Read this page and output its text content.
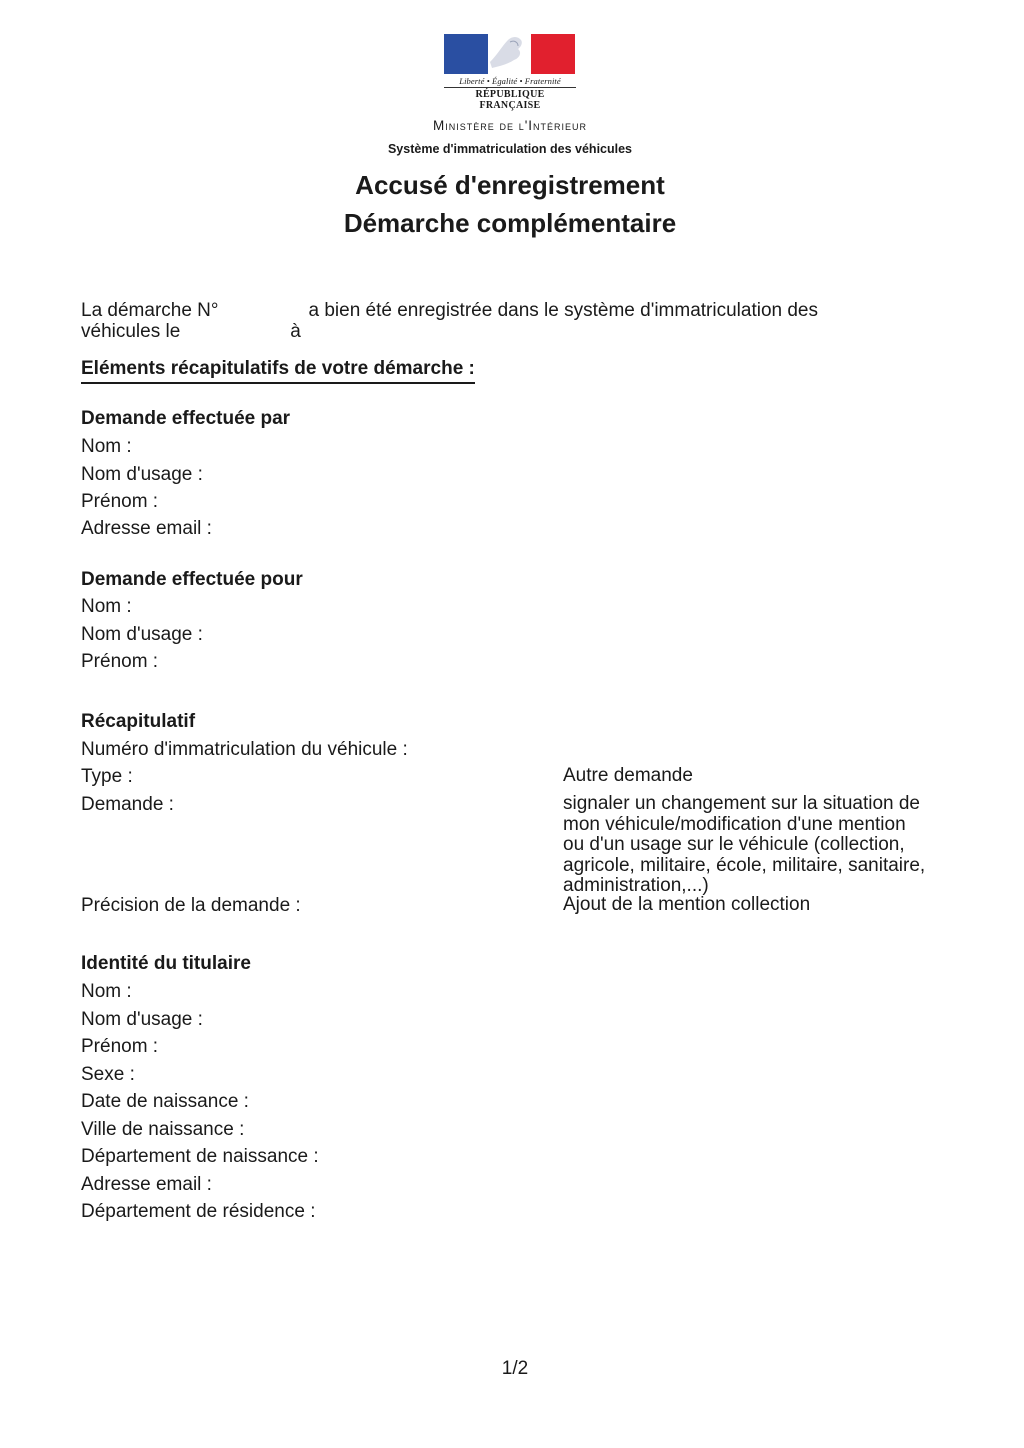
Liberté • Égalité • Fraternité
RÉPUBLIQUE FRANÇAISE
Ministère de l'Intérieur
Système d'immatriculation des véhicules
Accusé d'enregistrement
Démarche complémentaire
La démarche N°	a bien été enregistrée dans le système d'immatriculation des
véhicules le	à
Eléments récapitulatifs de votre démarche :
Demande effectuée par
Nom :
Nom d'usage :
Prénom :
Adresse email :
Demande effectuée pour
Nom :
Nom d'usage :
Prénom :
Récapitulatif
Numéro d'immatriculation du véhicule :
Type :	Autre demande
Demande :	signaler un changement sur la situation de
mon véhicule/modification d'une mention
ou d'un usage sur le véhicule (collection,
agricole, militaire, école, militaire, sanitaire,
administration,...)
Précision de la demande :	Ajout de la mention collection
Identité du titulaire
Nom :
Nom d'usage :
Prénom :
Sexe :
Date de naissance :
Ville de naissance :
Département de naissance :
Adresse email :
Département de résidence :
1/2
